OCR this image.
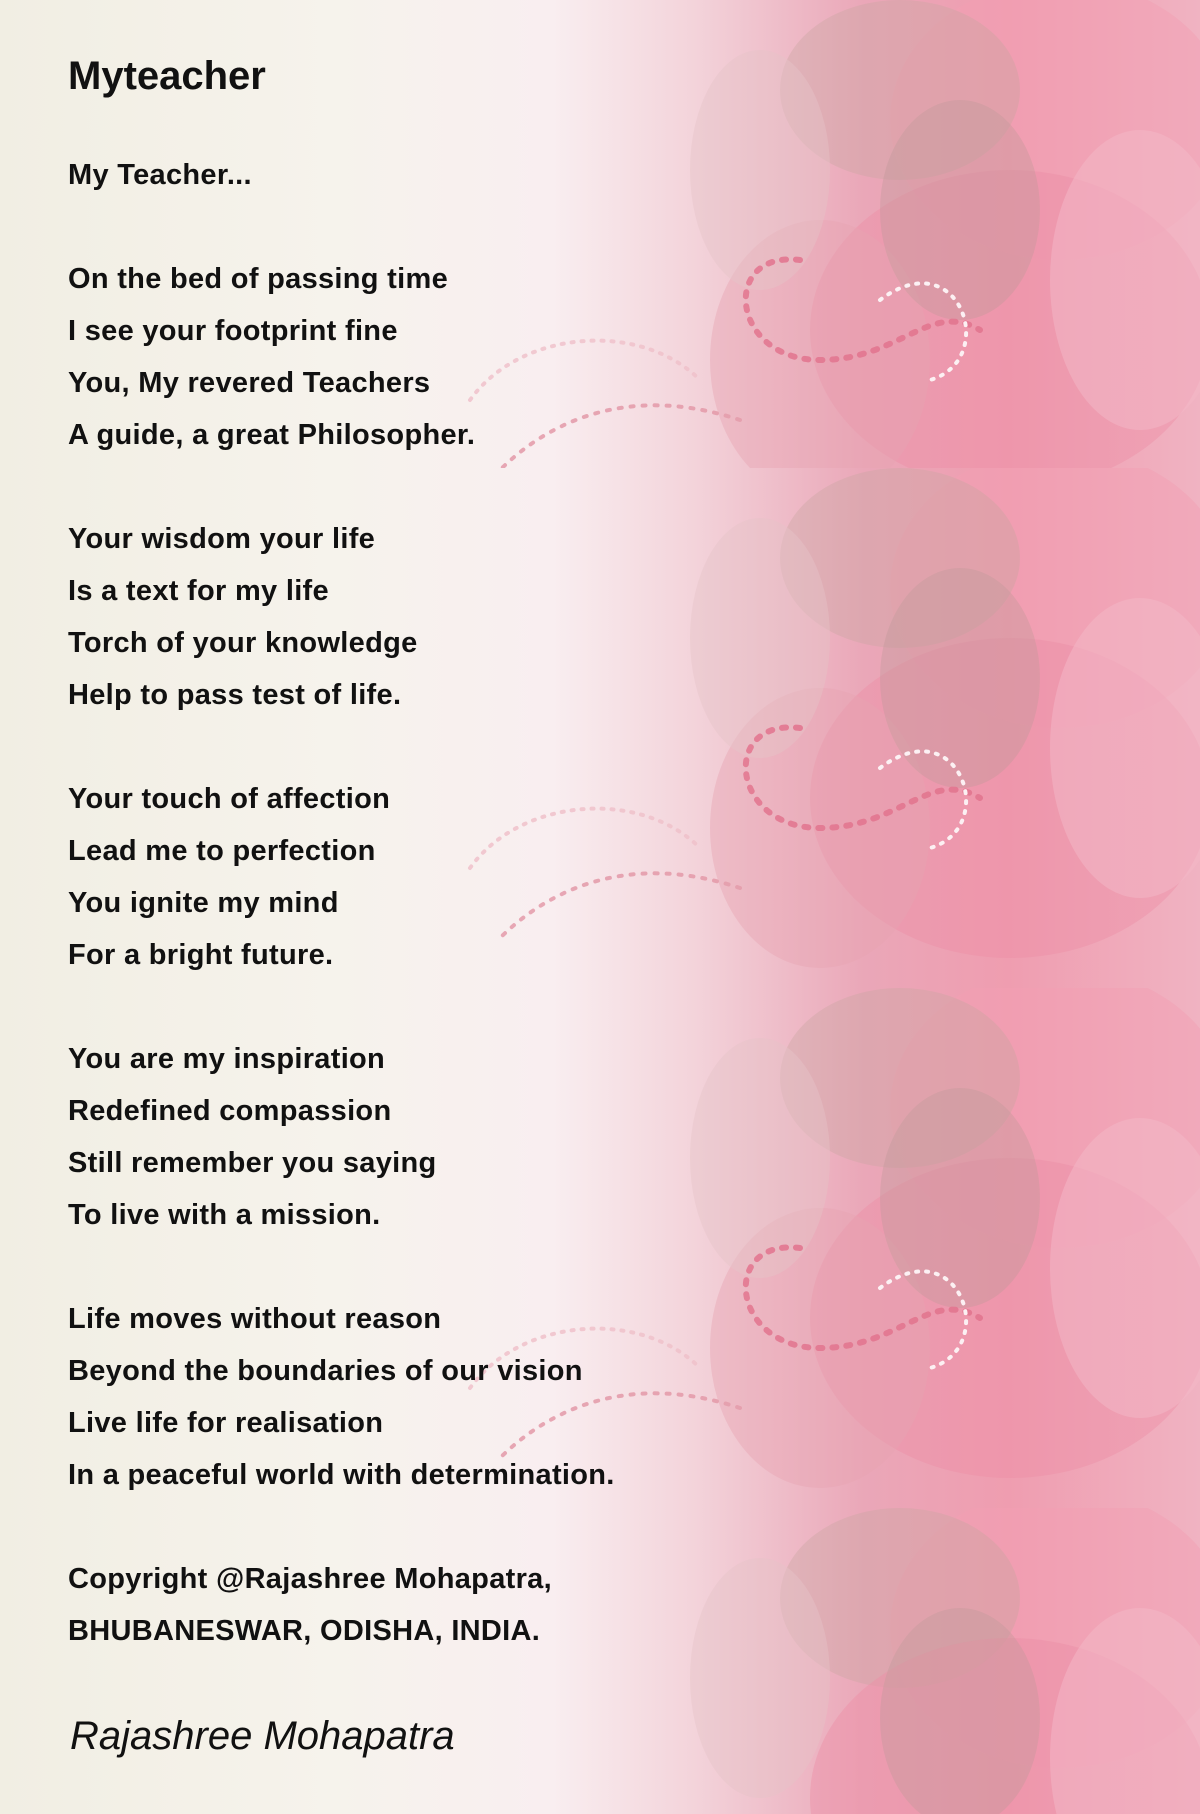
Myteacher
My Teacher...
On the bed of passing time
I see your footprint fine
You, My revered Teachers
A guide, a great Philosopher.
Your wisdom your life
Is a text for my life
Torch of your knowledge
Help to pass test of life.
Your touch of affection
Lead me to perfection
You ignite my mind
For a bright future.
You are my inspiration
Redefined compassion
Still remember you saying
To live with a mission.
Life moves without reason
Beyond the boundaries of our vision
Live life for realisation
In a peaceful world with determination.
Copyright @Rajashree Mohapatra,
BHUBANESWAR, ODISHA, INDIA.
Rajashree Mohapatra
